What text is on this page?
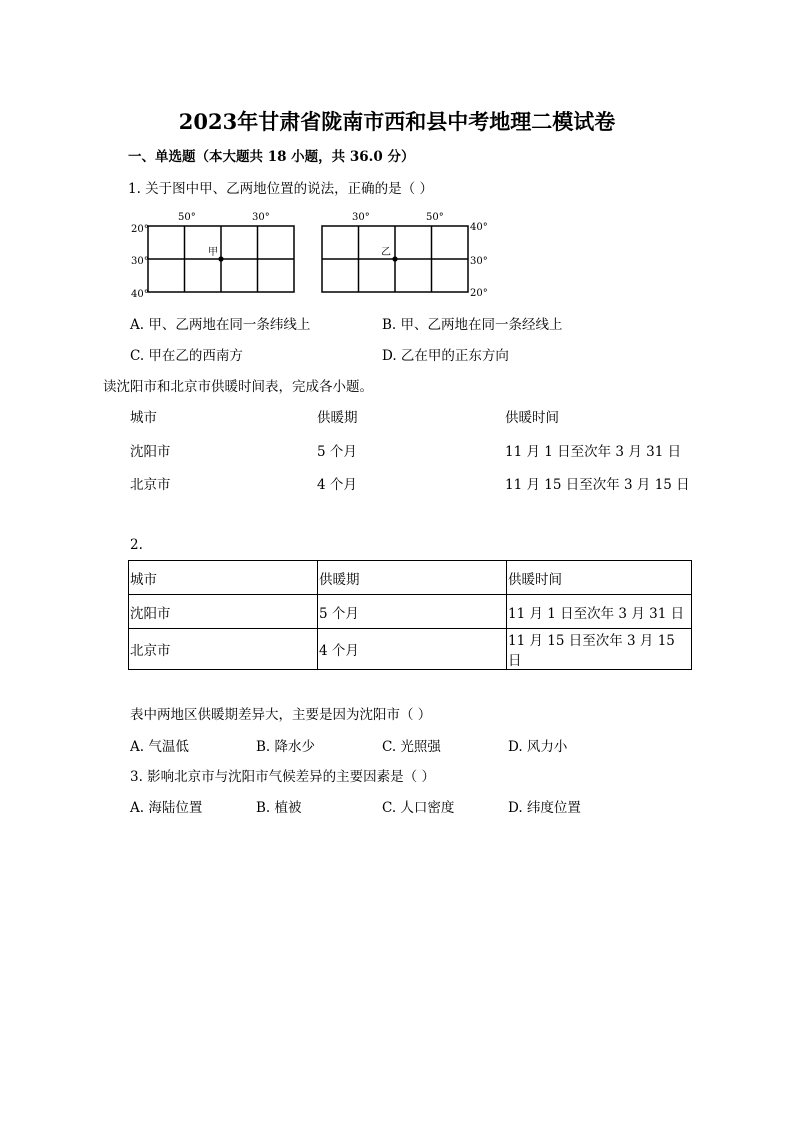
2023年甘肃省陇南市西和县中考地理二模试卷
一、单选题（本大题共 18 小题，共 36.0 分）
1. 关于图中甲、乙两地位置的说法，正确的是（ ）
20°
30°
40°
50°	30°
甲
40°
30°
20°
30°	50°
乙
A. 甲、乙两地在同一条纬线上	B. 甲、乙两地在同一条经线上
C. 甲在乙的西南方	D. 乙在甲的正东方向
读沈阳市和北京市供暖时间表，完成各小题。
城市	供暖期	供暖时间
沈阳市	5 个月	11 月 1 日至次年 3 月 31 日
北京市	4 个月	11 月 15 日至次年 3 月 15 日
2.
城市	供暖期	供暖时间
沈阳市	5 个月	11 月 1 日至次年 3 月 31 日
北京市	4 个月	11 月 15 日至次年 3 月 15 日
表中两地区供暖期差异大，主要是因为沈阳市（ ）
A. 气温低	B. 降水少	C. 光照强	D. 风力小
3. 影响北京市与沈阳市气候差异的主要因素是（ ）
A. 海陆位置	B. 植被	C. 人口密度	D. 纬度位置
